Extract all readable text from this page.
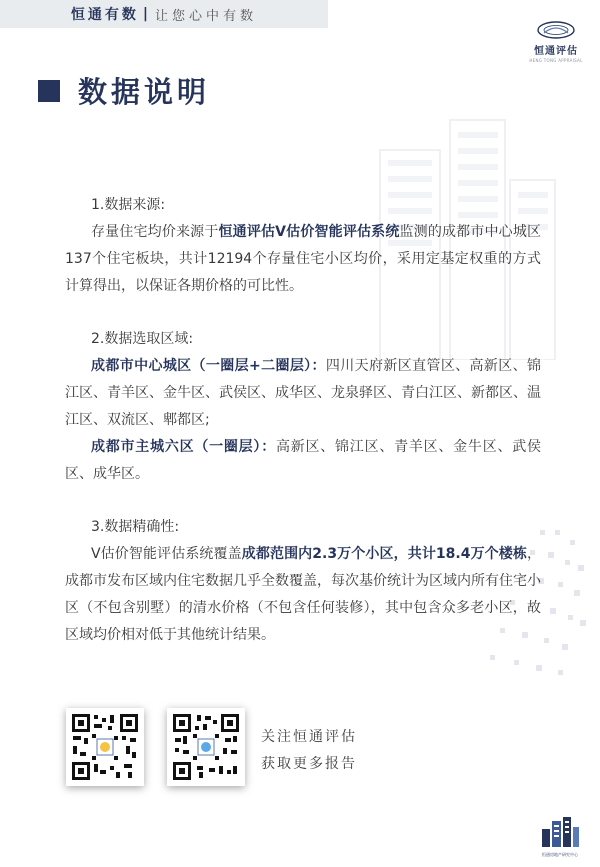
恒通有数 | 让您心中有数
恒通评估
HENG TONG APPRAISAL
数据说明

1.数据来源:

存量住宅均价来源于恒通评估V估价智能评估系统监测的成都市中心城区137个住宅板块，共计12194个存量住宅小区均价，采用定基定权重的方式计算得出，以保证各期价格的可比性。

2.数据选取区域:

成都市中心城区（一圈层+二圈层）：四川天府新区直管区、高新区、锦江区、青羊区、金牛区、武侯区、成华区、龙泉驿区、青白江区、新都区、温江区、双流区、郫都区;

成都市主城六区（一圈层）：高新区、锦江区、青羊区、金牛区、武侯区、成华区。

3.数据精确性:

V估价智能评估系统覆盖成都范围内2.3万个小区，共计18.4万个楼栋，成都市发布区域内住宅数据几乎全数覆盖，每次基价统计为区域内所有住宅小区（不包含别墅）的清水价格（不包含任何装修），其中包含众多老小区，故区域均价相对低于其他统计结果。

关注恒通评估
获取更多报告
恒通房地产研究中心
